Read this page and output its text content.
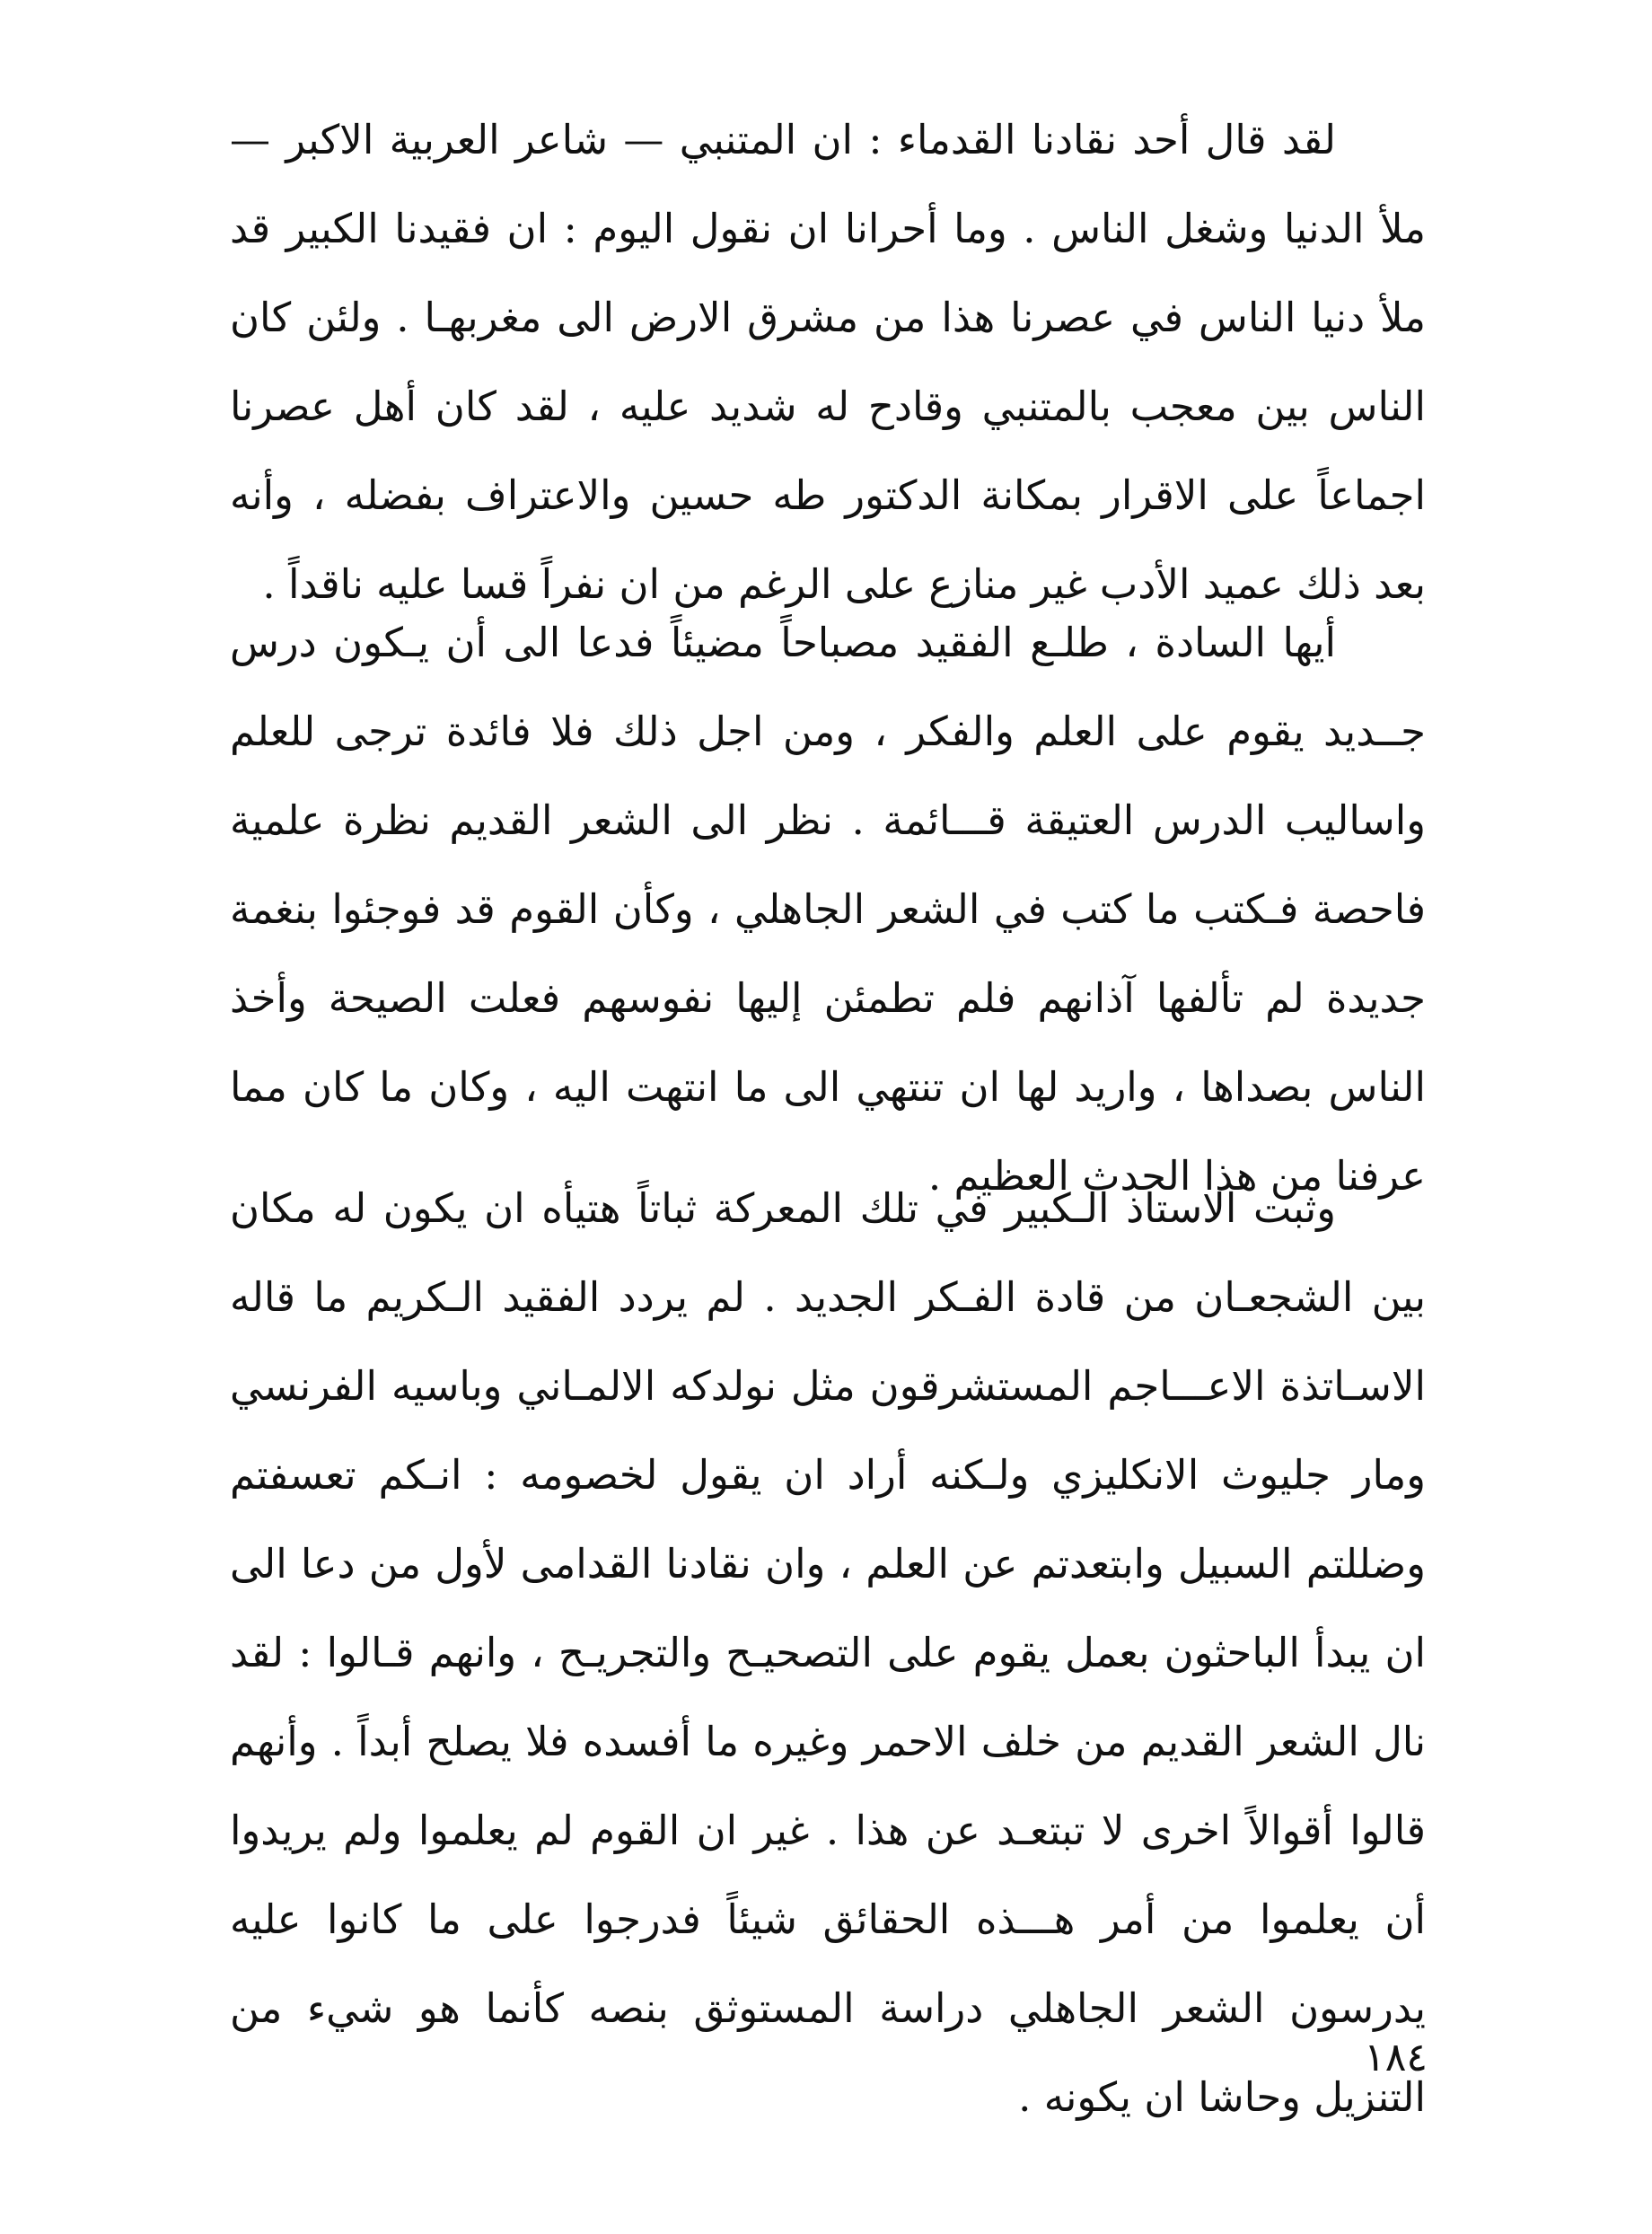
لقد قال أحد نقادنا القدماء : ان المتنبي — شاعر العربية الاكبر — ملأ الدنيا وشغل الناس . وما أحرانا ان نقول اليوم : ان فقيدنا الكبير قد ملأ دنيا الناس في عصرنا هذا من مشرق الارض الى مغربهـا . ولئن كان الناس بين معجب بالمتنبي وقادح له شديد عليه ، لقد كان أهل عصرنا اجماعاً على الاقرار بمكانة الدكتور طه حسين والاعتراف بفضله ، وأنه بعد ذلك عميد الأدب غير منازع على الرغم من ان نفراً قسا عليه ناقداً .

أيها السادة ، طلـع الفقيد مصباحاً مضيئاً فدعا الى أن يـكون درس جــديد يقوم على العلم والفكر ، ومن اجل ذلك فلا فائدة ترجى للعلم واساليب الدرس العتيقة قـــائمة . نظر الى الشعر القديم نظرة علمية فاحصة فـكتب ما كتب في الشعر الجاهلي ، وكأن القوم قد فوجئوا بنغمة جديدة لم تألفها آذانهم فلم تطمئن إليها نفوسهم فعلت الصيحة وأخذ الناس بصداها ، واريد لها ان تنتهي الى ما انتهت اليه ، وكان ما كان مما عرفنا من هذا الحدث العظيم .

وثبت الاستاذ الـكبير في تلك المعركة ثباتاً هتيأه ان يكون له مكان بين الشجعـان من قادة الفـكر الجديد . لم يردد الفقيد الـكريم ما قاله الاسـاتذة الاعـــاجم المستشرقون مثل نولدكه الالمـاني وباسيه الفرنسي ومار جليوث الانكليزي ولـكنه أراد ان يقول لخصومه : انـكم تعسفتم وضللتم السبيل وابتعدتم عن العلم ، وان نقادنا القدامى لأول من دعا الى ان يبدأ الباحثون بعمل يقوم على التصحيـح والتجريـح ، وانهم قـالوا : لقد نال الشعر القديم من خلف الاحمر وغيره ما أفسده فلا يصلح أبداً . وأنهم قالوا أقوالاً اخرى لا تبتعـد عن هذا . غير ان القوم لم يعلموا ولم يريدوا أن يعلموا من أمر هـــذه الحقائق شيئاً فدرجوا على ما كانوا عليه يدرسون الشعر الجاهلي دراسة المستوثق بنصه كأنما هو شيء من التنزيل وحاشا ان يكونه .

١٨٤
